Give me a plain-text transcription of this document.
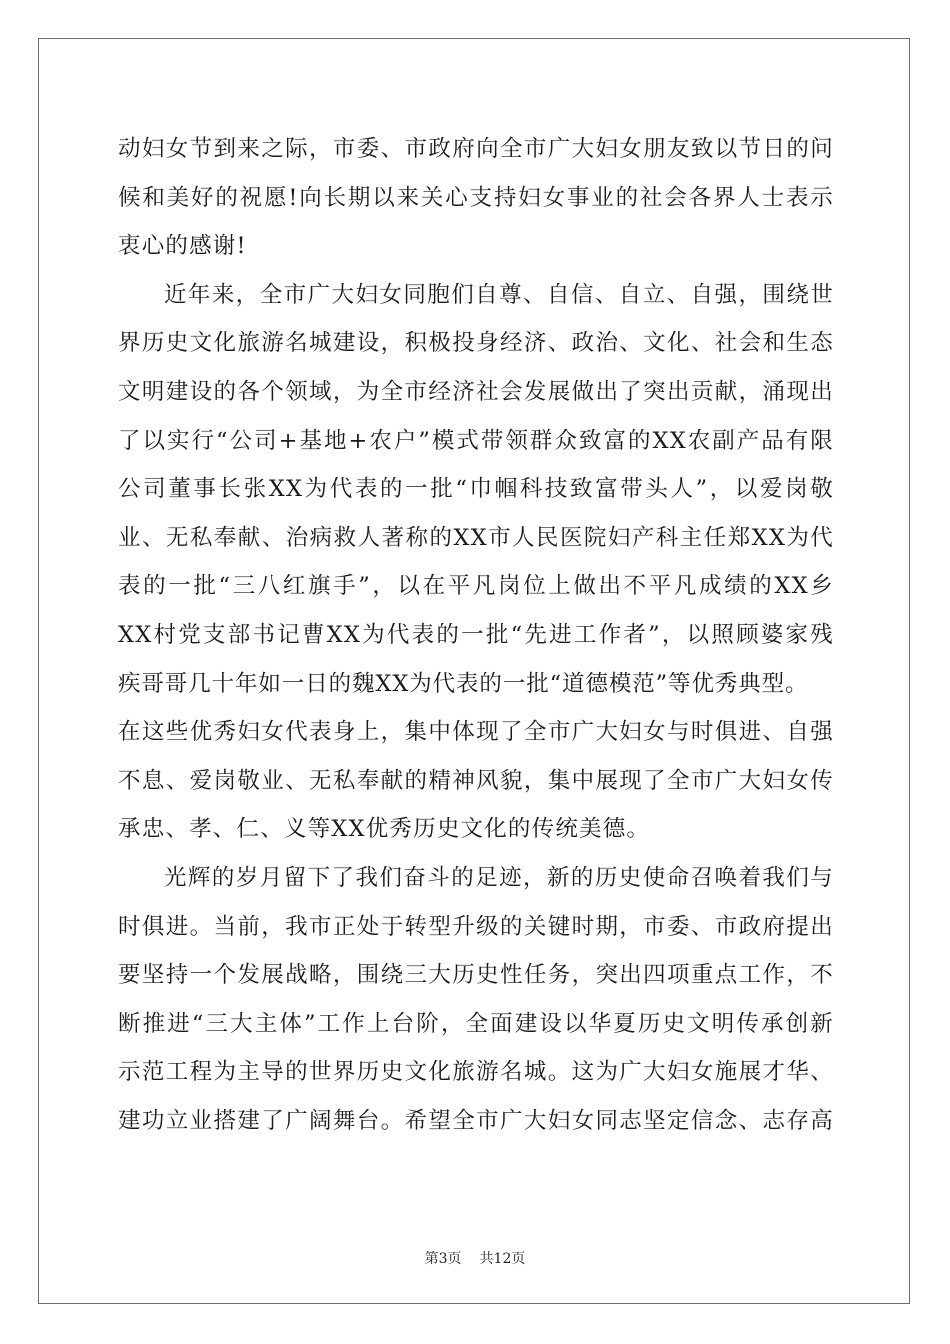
动妇女节到来之际，市委、市政府向全市广大妇女朋友致以节日的问
候和美好的祝愿!向长期以来关心支持妇女事业的社会各界人士表示
衷心的感谢!
近年来，全市广大妇女同胞们自尊、自信、自立、自强，围绕世
界历史文化旅游名城建设，积极投身经济、政治、文化、社会和生态
文明建设的各个领域，为全市经济社会发展做出了突出贡献，涌现出
了以实行“公司+基地+农户”模式带领群众致富的XX农副产品有限
公司董事长张XX为代表的一批“巾帼科技致富带头人”，以爱岗敬
业、无私奉献、治病救人著称的XX市人民医院妇产科主任郑XX为代
表的一批“三八红旗手”，以在平凡岗位上做出不平凡成绩的XX乡
XX村党支部书记曹XX为代表的一批“先进工作者”，以照顾婆家残
疾哥哥几十年如一日的魏XX为代表的一批“道德模范”等优秀典型。
在这些优秀妇女代表身上，集中体现了全市广大妇女与时俱进、自强
不息、爱岗敬业、无私奉献的精神风貌，集中展现了全市广大妇女传
承忠、孝、仁、义等XX优秀历史文化的传统美德。
光辉的岁月留下了我们奋斗的足迹，新的历史使命召唤着我们与
时俱进。当前，我市正处于转型升级的关键时期，市委、市政府提出
要坚持一个发展战略，围绕三大历史性任务，突出四项重点工作，不
断推进“三大主体”工作上台阶，全面建设以华夏历史文明传承创新
示范工程为主导的世界历史文化旅游名城。这为广大妇女施展才华、
建功立业搭建了广阔舞台。希望全市广大妇女同志坚定信念、志存高
第3页 共12页
